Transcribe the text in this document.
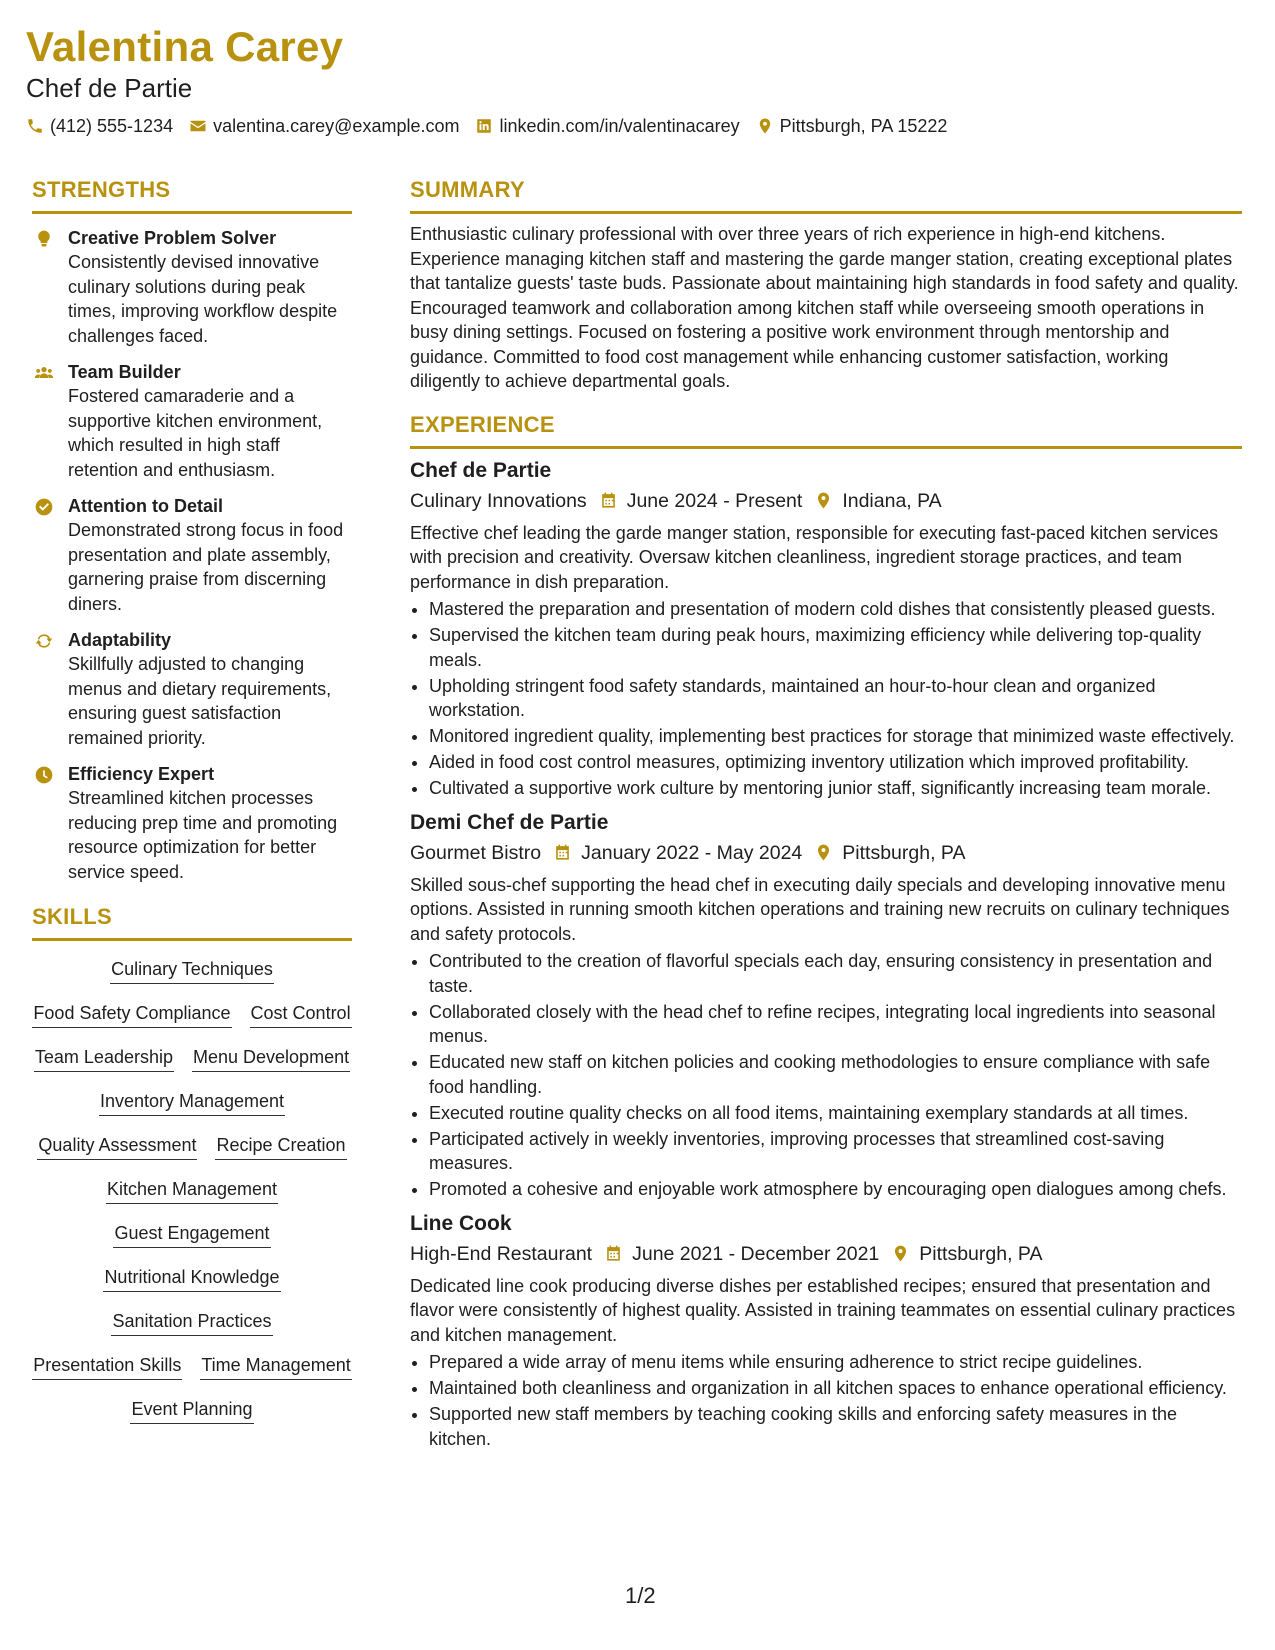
Valentina Carey
Chef de Partie
(412) 555-1234 valentina.carey@example.com linkedin.com/in/valentinacarey Pittsburgh, PA 15222
STRENGTHS
Creative Problem Solver
Consistently devised innovative culinary solutions during peak times, improving workflow despite challenges faced.
Team Builder
Fostered camaraderie and a supportive kitchen environment, which resulted in high staff retention and enthusiasm.
Attention to Detail
Demonstrated strong focus in food presentation and plate assembly, garnering praise from discerning diners.
Adaptability
Skillfully adjusted to changing menus and dietary requirements, ensuring guest satisfaction remained priority.
Efficiency Expert
Streamlined kitchen processes reducing prep time and promoting resource optimization for better service speed.
SKILLS
Culinary Techniques
Food Safety Compliance Cost Control
Team Leadership Menu Development
Inventory Management
Quality Assessment Recipe Creation
Kitchen Management
Guest Engagement
Nutritional Knowledge
Sanitation Practices
Presentation Skills Time Management
Event Planning
SUMMARY

Enthusiastic culinary professional with over three years of rich experience in high-end kitchens. Experience managing kitchen staff and mastering the garde manger station, creating exceptional plates that tantalize guests' taste buds. Passionate about maintaining high standards in food safety and quality. Encouraged teamwork and collaboration among kitchen staff while overseeing smooth operations in busy dining settings. Focused on fostering a positive work environment through mentorship and guidance. Committed to food cost management while enhancing customer satisfaction, working diligently to achieve departmental goals.

EXPERIENCE
Chef de Partie
Culinary Innovations June 2024 - Present Indiana, PA
Effective chef leading the garde manger station, responsible for executing fast-paced kitchen services with precision and creativity. Oversaw kitchen cleanliness, ingredient storage practices, and team performance in dish preparation.
• Mastered the preparation and presentation of modern cold dishes that consistently pleased guests.
• Supervised the kitchen team during peak hours, maximizing efficiency while delivering top-quality meals.
• Upholding stringent food safety standards, maintained an hour-to-hour clean and organized workstation.
• Monitored ingredient quality, implementing best practices for storage that minimized waste effectively.
• Aided in food cost control measures, optimizing inventory utilization which improved profitability.
• Cultivated a supportive work culture by mentoring junior staff, significantly increasing team morale.
Demi Chef de Partie
Gourmet Bistro January 2022 - May 2024 Pittsburgh, PA
Skilled sous-chef supporting the head chef in executing daily specials and developing innovative menu options. Assisted in running smooth kitchen operations and training new recruits on culinary techniques and safety protocols.
• Contributed to the creation of flavorful specials each day, ensuring consistency in presentation and taste.
• Collaborated closely with the head chef to refine recipes, integrating local ingredients into seasonal menus.
• Educated new staff on kitchen policies and cooking methodologies to ensure compliance with safe food handling.
• Executed routine quality checks on all food items, maintaining exemplary standards at all times.
• Participated actively in weekly inventories, improving processes that streamlined cost-saving measures.
• Promoted a cohesive and enjoyable work atmosphere by encouraging open dialogues among chefs.
Line Cook
High-End Restaurant June 2021 - December 2021 Pittsburgh, PA
Dedicated line cook producing diverse dishes per established recipes; ensured that presentation and flavor were consistently of highest quality. Assisted in training teammates on essential culinary practices and kitchen management.
• Prepared a wide array of menu items while ensuring adherence to strict recipe guidelines.
• Maintained both cleanliness and organization in all kitchen spaces to enhance operational efficiency.
• Supported new staff members by teaching cooking skills and enforcing safety measures in the kitchen.
1/2
